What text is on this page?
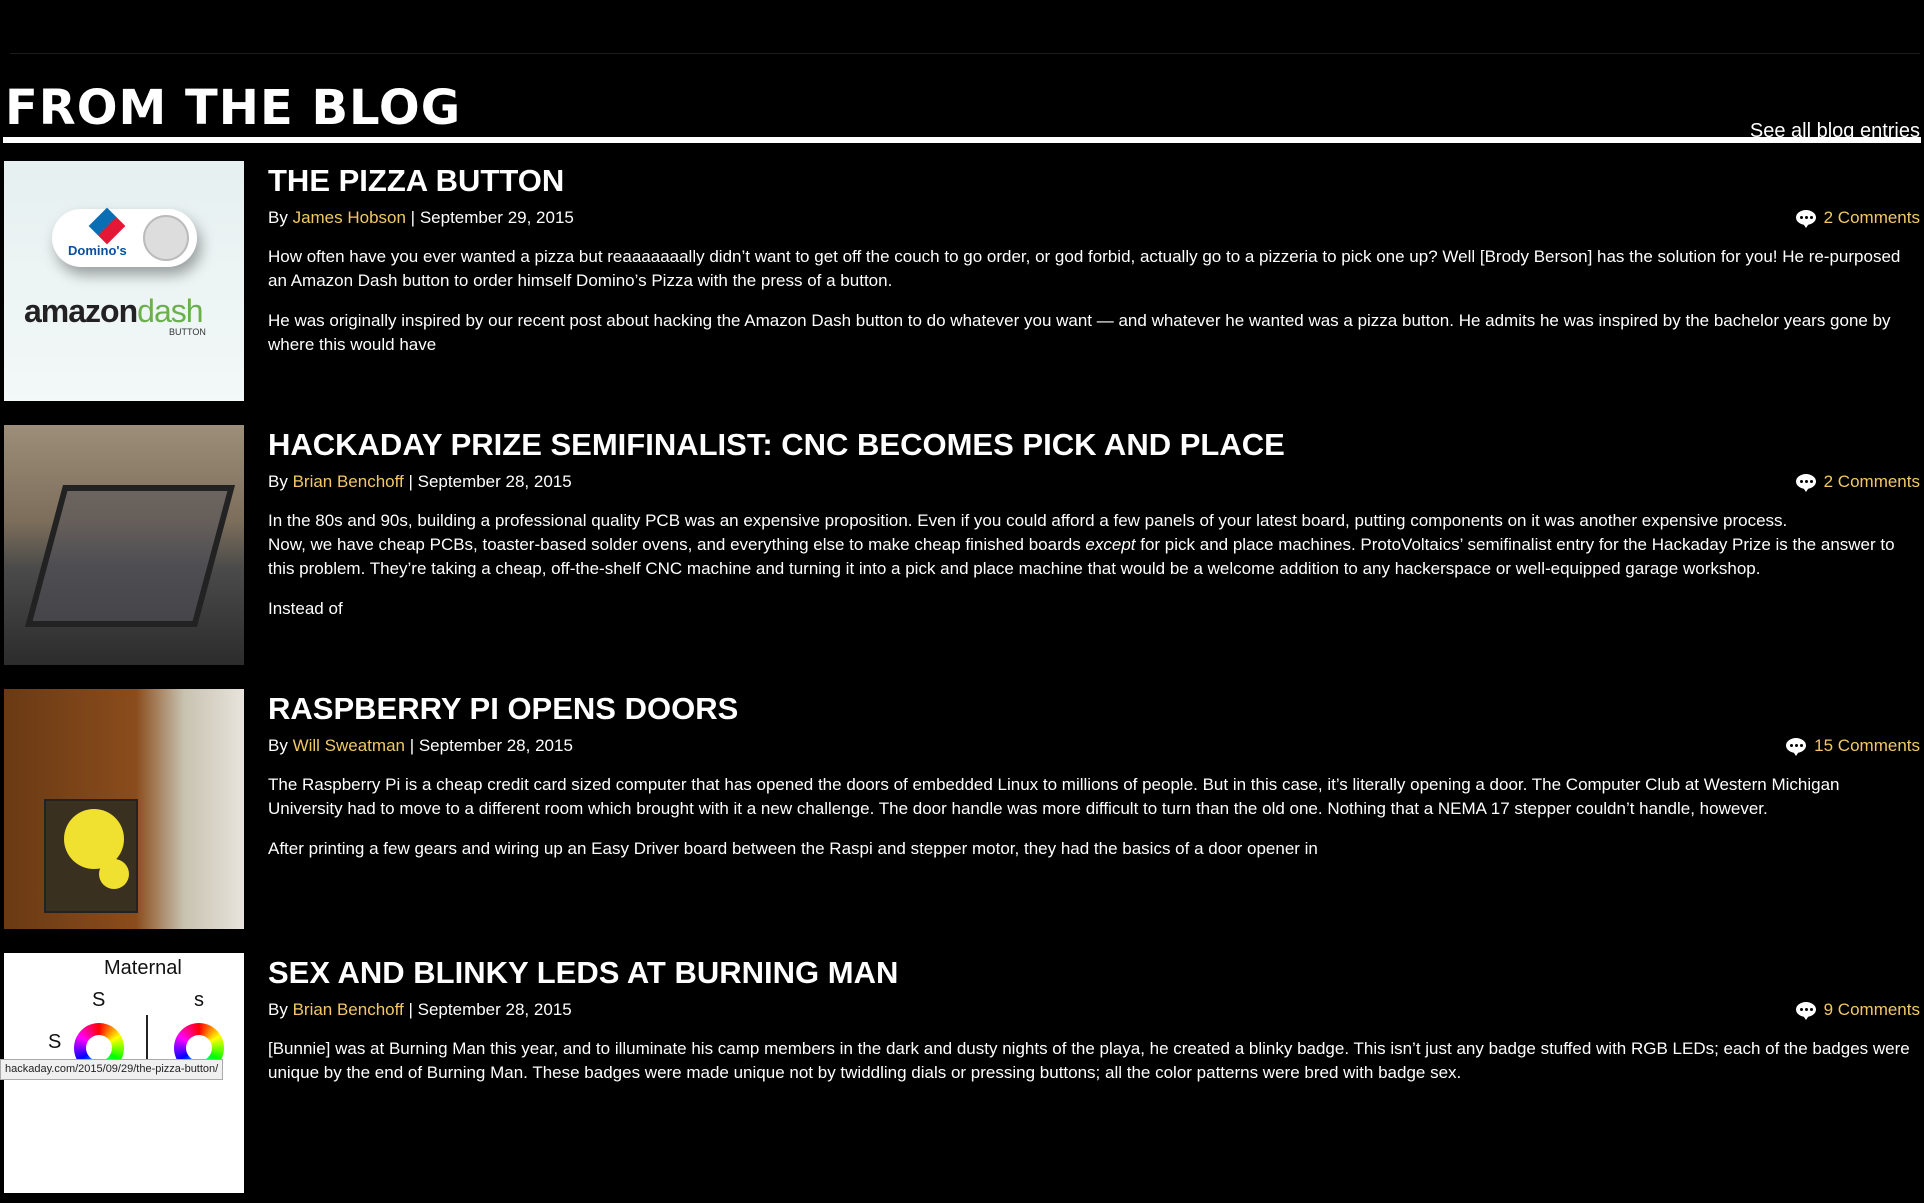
FROM THE BLOG	See all blog entries
Domino's
amazondash
BUTTON
THE PIZZA BUTTON
By James Hobson | September 29, 2015	2 Comments

How often have you ever wanted a pizza but reaaaaaaally didn’t want to get off the couch to go order, or god forbid, actually go to a pizzeria to pick one up? Well [Brody Berson] has the solution for you! He re-purposed an Amazon Dash button to order himself Domino’s Pizza with the press of a button.

He was originally inspired by our recent post about hacking the Amazon Dash button to do whatever you want — and whatever he wanted was a pizza button. He admits he was inspired by the bachelor years gone by where this would have

HACKADAY PRIZE SEMIFINALIST: CNC BECOMES PICK AND PLACE
By Brian Benchoff | September 28, 2015	2 Comments

In the 80s and 90s, building a professional quality PCB was an expensive proposition. Even if you could afford a few panels of your latest board, putting components on it was another expensive process.
Now, we have cheap PCBs, toaster-based solder ovens, and everything else to make cheap finished boards except for pick and place machines. ProtoVoltaics’ semifinalist entry for the Hackaday Prize is the answer to this problem. They’re taking a cheap, off-the-shelf CNC machine and turning it into a pick and place machine that would be a welcome addition to any hackerspace or well-equipped garage workshop.

Instead of

RASPBERRY PI OPENS DOORS
By Will Sweatman | September 28, 2015	15 Comments

The Raspberry Pi is a cheap credit card sized computer that has opened the doors of embedded Linux to millions of people. But in this case, it’s literally opening a door. The Computer Club at Western Michigan University had to move to a different room which brought with it a new challenge. The door handle was more difficult to turn than the old one. Nothing that a NEMA 17 stepper couldn’t handle, however.

After printing a few gears and wiring up an Easy Driver board between the Raspi and stepper motor, they had the basics of a door opener in

Maternal
S	s
S
SEX AND BLINKY LEDS AT BURNING MAN
By Brian Benchoff | September 28, 2015	9 Comments

[Bunnie] was at Burning Man this year, and to illuminate his camp members in the dark and dusty nights of the playa, he created a blinky badge. This isn’t just any badge stuffed with RGB LEDs; each of the badges were unique by the end of Burning Man. These badges were made unique not by twiddling dials or pressing buttons; all the color patterns were bred with badge sex.

hackaday.com/2015/09/29/the-pizza-button/
